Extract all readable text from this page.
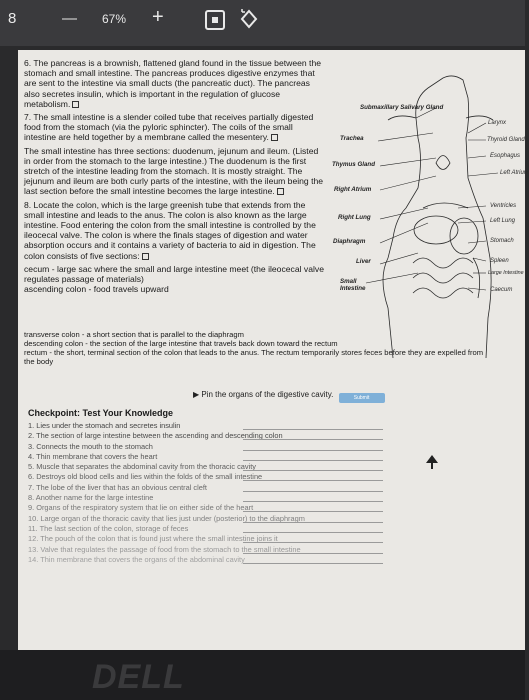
8	— 67% +

6. The pancreas is a brownish, flattened gland found in the tissue between the stomach and small intestine. The pancreas produces digestive enzymes that are sent to the intestine via small ducts (the pancreatic duct). The pancreas also secretes insulin, which is important in the regulation of glucose metabolism.

7. The small intestine is a slender coiled tube that receives partially digested food from the stomach (via the pyloric sphincter). The coils of the small intestine are held together by a membrane called the mesentery.

The small intestine has three sections: duodenum, jejunum and ileum. (Listed in order from the stomach to the large intestine.) The duodenum is the first stretch of the intestine leading from the stomach. It is mostly straight. The jejunum and ileum are both curly parts of the intestine, with the ileum being the last section before the small intestine becomes the large intestine.

8. Locate the colon, which is the large greenish tube that extends from the small intestine and leads to the anus. The colon is also known as the large intestine. Food entering the colon from the small intestine is controlled by the ileocecal valve. The colon is where the finals stages of digestion and water absorption occurs and it contains a variety of bacteria to aid in digestion. The colon consists of five sections:

cecum - large sac where the small and large intestine meet (the ileocecal valve regulates passage of materials)

ascending colon - food travels upward

transverse colon - a short section that is parallel to the diaphragm
descending colon - the section of the large intestine that travels back down toward the rectum
rectum - the short, terminal section of the colon that leads to the anus. The rectum temporarily stores feces before they are expelled from the body
Submaxillary Salivary Gland
Trachea
Thymus Gland
Right Atrium
Right Lung
Diaphragm
Liver
Small Intestine
Larynx
Thyroid Gland
Esophagus
Left Atrium
Ventricles
Left Lung
Stomach
Spleen
Large Intestine
Caecum
▶ Pin the organs of the digestive cavity.	Submit
Checkpoint: Test Your Knowledge
1. Lies under the stomach and secretes insulin
2. The section of large intestine between the ascending and descending colon
3. Connects the mouth to the stomach
4. Thin membrane that covers the heart
5. Muscle that separates the abdominal cavity from the thoracic cavity
6. Destroys old blood cells and lies within the folds of the small intestine
7. The lobe of the liver that has an obvious central cleft
8. Another name for the large intestine
9. Organs of the respiratory system that lie on either side of the heart
10. Large organ of the thoracic cavity that lies just under (posterior) to the diaphragm
11. The last section of the colon, storage of feces
12. The pouch of the colon that is found just where the small intestine joins it
13. Valve that regulates the passage of food from the stomach to the small intestine
14. Thin membrane that covers the organs of the abdominal cavity
DELL
